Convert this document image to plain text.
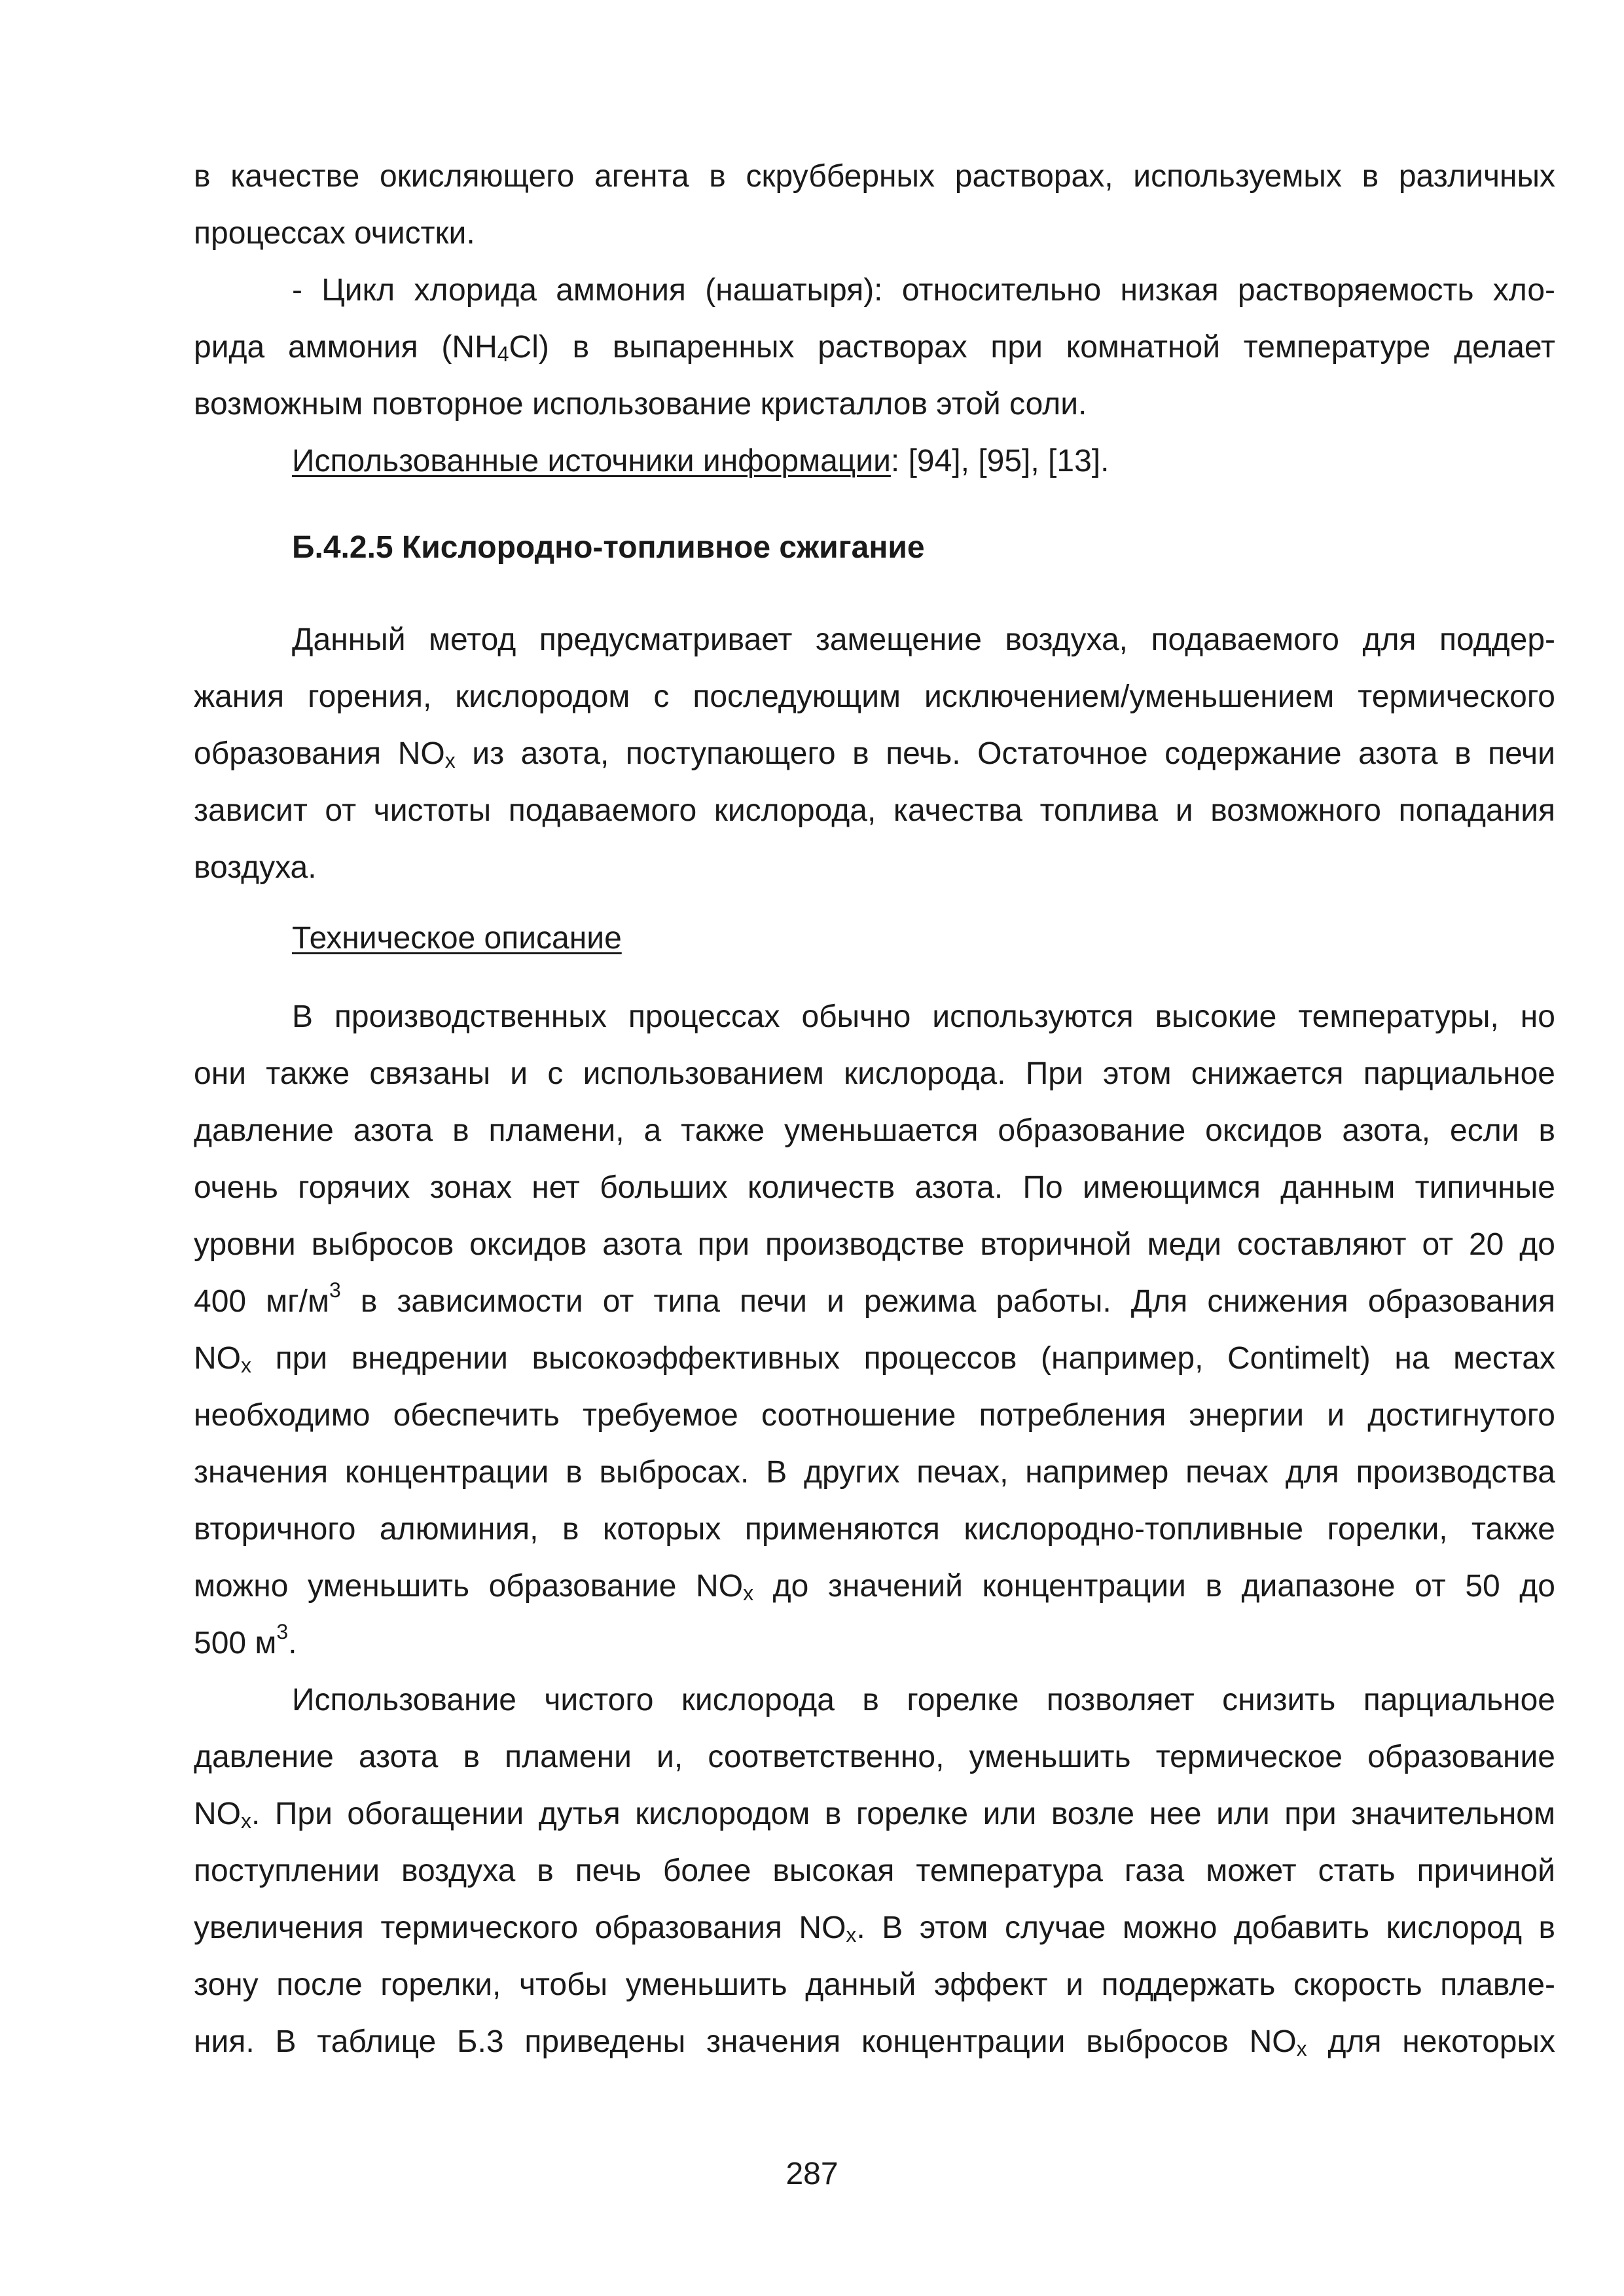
в качестве окисляющего агента в скрубберных растворах, используемых в различных
процессах очистки.
- Цикл хлорида аммония (нашатыря): относительно низкая растворяемость хло-
рида аммония $(NH_4Cl)$ в выпаренных растворах при комнатной температуре делает
возможным повторное использование кристаллов этой соли.
Использованные источники информации: [94], [95], [13].
Б.4.2.5 Кислородно-топливное сжигание
Данный метод предусматривает замещение воздуха, подаваемого для поддер-
жания горения, кислородом с последующим исключением/уменьшением термического
образования $NO_x$ из азота, поступающего в печь. Остаточное содержание азота в печи
зависит от чистоты подаваемого кислорода, качества топлива и возможного попадания
воздуха.
Техническое описание
В производственных процессах обычно используются высокие температуры, но
они также связаны и с использованием кислорода. При этом снижается парциальное
давление азота в пламени, а также уменьшается образование оксидов азота, если в
очень горячих зонах нет больших количеств азота. По имеющимся данным типичные
уровни выбросов оксидов азота при производстве вторичной меди составляют от 20 до
400 $мг/м^3$ в зависимости от типа печи и режима работы. Для снижения образования
$NO_x$ при внедрении высокоэффективных процессов (например, Contimelt) на местах
необходимо обеспечить требуемое соотношение потребления энергии и достигнутого
значения концентрации в выбросах. В других печах, например печах для производства
вторичного алюминия, в которых применяются кислородно-топливные горелки, также
можно уменьшить образование $NO_x$ до значений концентрации в диапазоне от 50 до
500 $м^3$.
Использование чистого кислорода в горелке позволяет снизить парциальное
давление азота в пламени и, соответственно, уменьшить термическое образование
$NO_x$. При обогащении дутья кислородом в горелке или возле нее или при значительном
поступлении воздуха в печь более высокая температура газа может стать причиной
увеличения термического образования $NO_x$. В этом случае можно добавить кислород в
зону после горелки, чтобы уменьшить данный эффект и поддержать скорость плавле-
ния. В таблице Б.3 приведены значения концентрации выбросов $NO_x$ для некоторых
287
